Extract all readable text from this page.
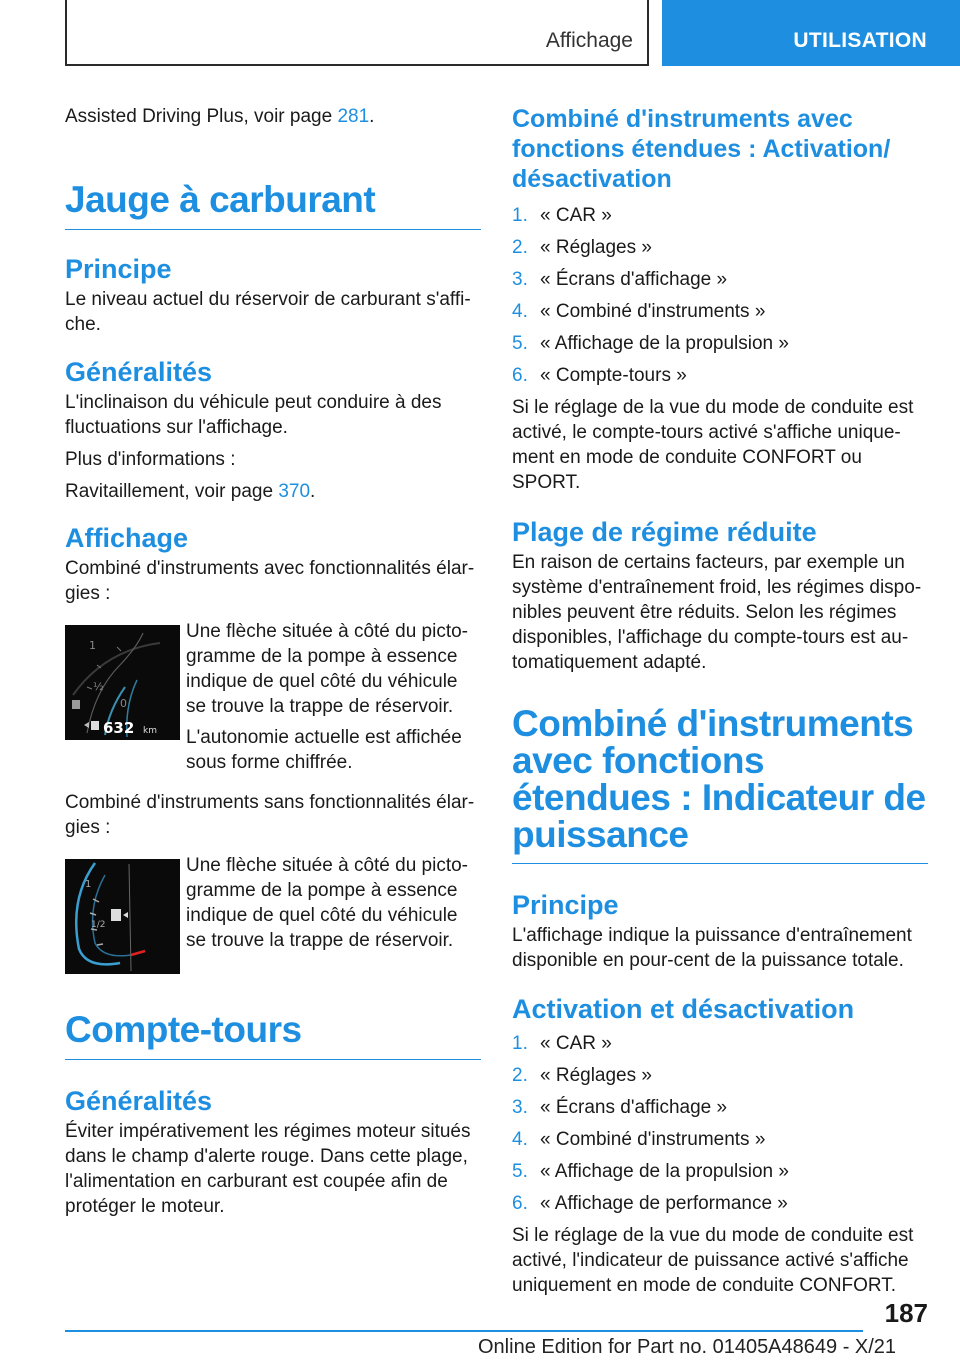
Affichage	UTILISATION

Assisted Driving Plus, voir page 281.

Jauge à carburant
Principe

Le niveau actuel du réservoir de carburant s'affi-che.

Généralités

L'inclinaison du véhicule peut conduire à des fluctuations sur l'affichage.

Plus d'informations :

Ravitaillement, voir page 370.

Affichage

Combiné d'instruments avec fonctionnalités élar-gies :

1
½
0
632 km

Une flèche située à côté du picto-gramme de la pompe à essence indique de quel côté du véhicule se trouve la trappe de réservoir.

L'autonomie actuelle est affichée sous forme chiffrée.

Combiné d'instruments sans fonctionnalités élar-gies :

1
1/2

Une flèche située à côté du picto-gramme de la pompe à essence indique de quel côté du véhicule se trouve la trappe de réservoir.

Compte-tours
Généralités

Éviter impérativement les régimes moteur situés dans le champ d'alerte rouge. Dans cette plage, l'alimentation en carburant est coupée afin de protéger le moteur.

Combiné d'instruments avec fonctions étendues : Activation/ désactivation
1. « CAR »
2. « Réglages »
3. « Écrans d'affichage »
4. « Combiné d'instruments »
5. « Affichage de la propulsion »
6. « Compte-tours »

Si le réglage de la vue du mode de conduite est activé, le compte-tours activé s'affiche unique-ment en mode de conduite CONFORT ou SPORT.

Plage de régime réduite

En raison de certains facteurs, par exemple un système d'entraînement froid, les régimes dispo-nibles peuvent être réduits. Selon les régimes disponibles, l'affichage du compte-tours est au-tomatiquement adapté.

Combiné d'instruments avec fonctions étendues : Indicateur de puissance
Principe

L'affichage indique la puissance d'entraînement disponible en pour-cent de la puissance totale.

Activation et désactivation
1. « CAR »
2. « Réglages »
3. « Écrans d'affichage »
4. « Combiné d'instruments »
5. « Affichage de la propulsion »
6. « Affichage de performance »

Si le réglage de la vue du mode de conduite est activé, l'indicateur de puissance activé s'affiche uniquement en mode de conduite CONFORT.

187
Online Edition for Part no. 01405A48649 - X/21
